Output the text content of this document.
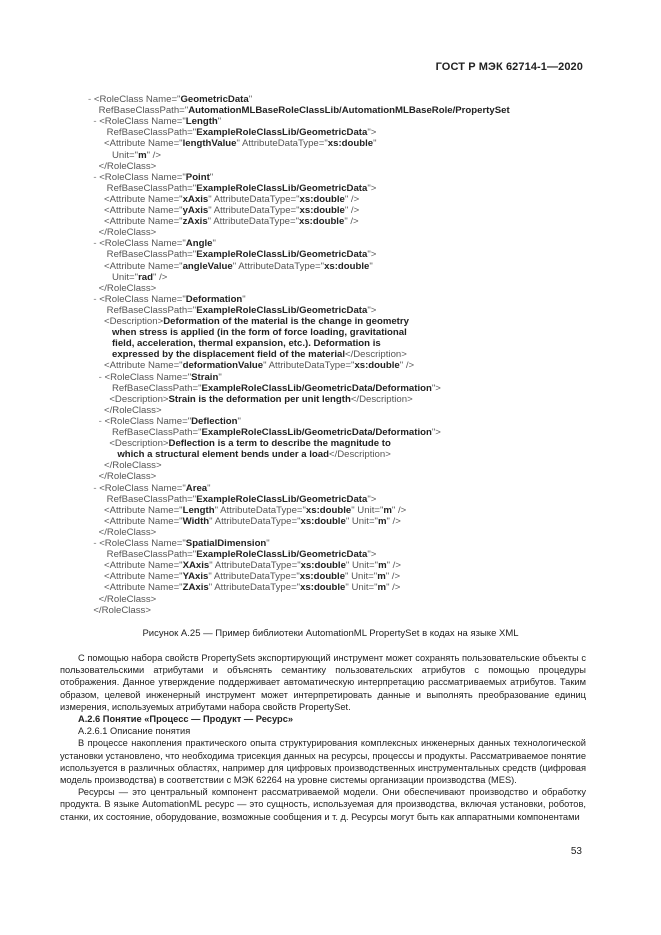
ГОСТ Р МЭК 62714-1—2020
- <RoleClass Name="GeometricData"
RefBaseClassPath="AutomationMLBaseRoleClassLib/AutomationMLBaseRole/PropertySet
- <RoleClass Name="Length"
RefBaseClassPath="ExampleRoleClassLib/GeometricData">
<Attribute Name="lengthValue" AttributeDataType="xs:double"
Unit="m" />
</RoleClass>
- <RoleClass Name="Point"
RefBaseClassPath="ExampleRoleClassLib/GeometricData">
<Attribute Name="xAxis" AttributeDataType="xs:double" />
<Attribute Name="yAxis" AttributeDataType="xs:double" />
<Attribute Name="zAxis" AttributeDataType="xs:double" />
</RoleClass>
- <RoleClass Name="Angle"
RefBaseClassPath="ExampleRoleClassLib/GeometricData">
<Attribute Name="angleValue" AttributeDataType="xs:double"
Unit="rad" />
</RoleClass>
- <RoleClass Name="Deformation"
RefBaseClassPath="ExampleRoleClassLib/GeometricData">
<Description>Deformation of the material is the change in geometry
when stress is applied (in the form of force loading, gravitational
field, acceleration, thermal expansion, etc.). Deformation is
expressed by the displacement field of the material</Description>
<Attribute Name="deformationValue" AttributeDataType="xs:double" />
- <RoleClass Name="Strain"
RefBaseClassPath="ExampleRoleClassLib/GeometricData/Deformation">
<Description>Strain is the deformation per unit length</Description>
</RoleClass>
- <RoleClass Name="Deflection"
RefBaseClassPath="ExampleRoleClassLib/GeometricData/Deformation">
<Description>Deflection is a term to describe the magnitude to
which a structural element bends under a load</Description>
</RoleClass>
</RoleClass>
- <RoleClass Name="Area"
RefBaseClassPath="ExampleRoleClassLib/GeometricData">
<Attribute Name="Length" AttributeDataType="xs:double" Unit="m" />
<Attribute Name="Width" AttributeDataType="xs:double" Unit="m" />
</RoleClass>
- <RoleClass Name="SpatialDimension"
RefBaseClassPath="ExampleRoleClassLib/GeometricData">
<Attribute Name="XAxis" AttributeDataType="xs:double" Unit="m" />
<Attribute Name="YAxis" AttributeDataType="xs:double" Unit="m" />
<Attribute Name="ZAxis" AttributeDataType="xs:double" Unit="m" />
</RoleClass>
</RoleClass>
Рисунок А.25 — Пример библиотеки AutomationML PropertySet в кодах на языке XML

С помощью набора свойств PropertySets экспортирующий инструмент может сохранять пользовательские объекты с пользовательскими атрибутами и объяснять семантику пользовательских атрибутов с помощью процедуры отображения. Данное утверждение поддерживает автоматическую интерпретацию рассматриваемых атрибутов. Таким образом, целевой инженерный инструмент может интерпретировать данные и выполнять преобразование единиц измерения, используемых атрибутами набора свойств PropertySet.

А.2.6 Понятие «Процесс — Продукт — Ресурс»

А.2.6.1 Описание понятия

В процессе накопления практического опыта структурирования комплексных инженерных данных технологической установки установлено, что необходима трисекция данных на ресурсы, процессы и продукты. Рассматриваемое понятие используется в различных областях, например для цифровых производственных инструментальных средств (цифровая модель производства) в соответствии с МЭК 62264 на уровне системы организации производства (MES).

Ресурсы — это центральный компонент рассматриваемой модели. Они обеспечивают производство и обработку продукта. В языке AutomationML ресурс — это сущность, используемая для производства, включая установки, роботов, станки, их состояние, оборудование, возможные сообщения и т. д. Ресурсы могут быть как аппаратными компонентами

53
